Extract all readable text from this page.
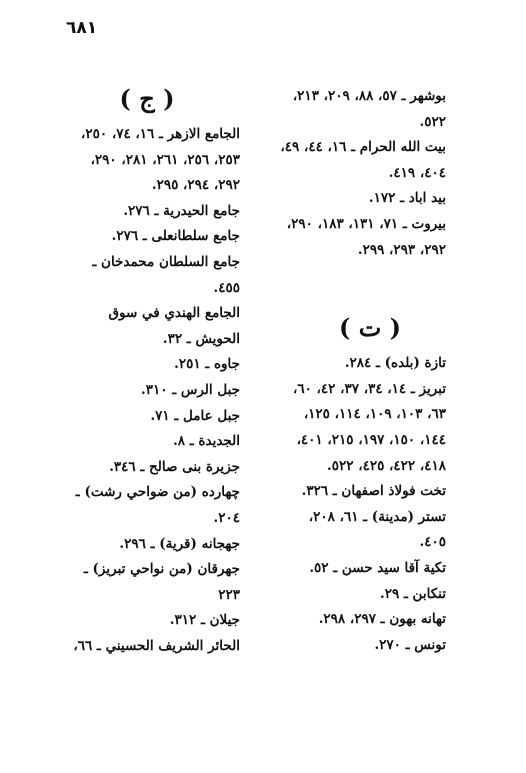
٦٨١
بوشهر ـ ٥٧، ٨٨، ٢٠٩، ٢١٣، ٥٢٢.
بيت الله الحرام ـ ١٦، ٤٤، ٤٩، ٤٠٤، ٤١٩.
بيد اباد ـ ١٧٢.
بيروت ـ ٧١، ١٣١، ١٨٣، ٢٩٠، ٢٩٢، ٢٩٣، ٢٩٩.
( ت )
تازة (بلده) ـ ٢٨٤.
تبريز ـ ١٤، ٣٤، ٣٧، ٤٢، ٦٠، ٦٣، ١٠٣، ١٠٩، ١١٤، ١٢٥، ١٤٤، ١٥٠، ١٩٧، ٢١٥، ٤٠١، ٤١٨، ٤٢٢، ٤٢٥، ٥٢٢.
تخت فولاذ اصفهان ـ ٣٢٦.
تستر (مدينة) ـ ٦١، ٢٠٨، ٤٠٥.
تكية آقا سيد حسن ـ ٥٢.
تنكابن ـ ٢٩.
تهانه بهون ـ ٢٩٧، ٢٩٨.
تونس ـ ٢٧٠.
( ج )
الجامع الازهر ـ ١٦، ٧٤، ٢٥٠، ٢٥٣، ٢٥٦، ٢٦١، ٢٨١، ٢٩٠، ٢٩٢، ٢٩٤، ٢٩٥.
جامع الحيدرية ـ ٢٧٦.
جامع سلطانعلى ـ ٢٧٦.
جامع السلطان محمدخان ـ ٤٥٥.
الجامع الهندي في سوق الحويش ـ ٣٢.
جاوه ـ ٢٥١.
جبل الرس ـ ٣١٠.
جبل عامل ـ ٧١.
الجديدة ـ ٨.
جزيرة بنى صالح ـ ٣٤٦.
چهارده (من ضواحي رشت) ـ ٢٠٤.
جهجانه (قرية) ـ ٢٩٦.
جهرقان (من نواحي تبريز) ـ ٢٢٣
جيلان ـ ٣١٢.
الحائر الشريف الحسيني ـ ٦٦،
